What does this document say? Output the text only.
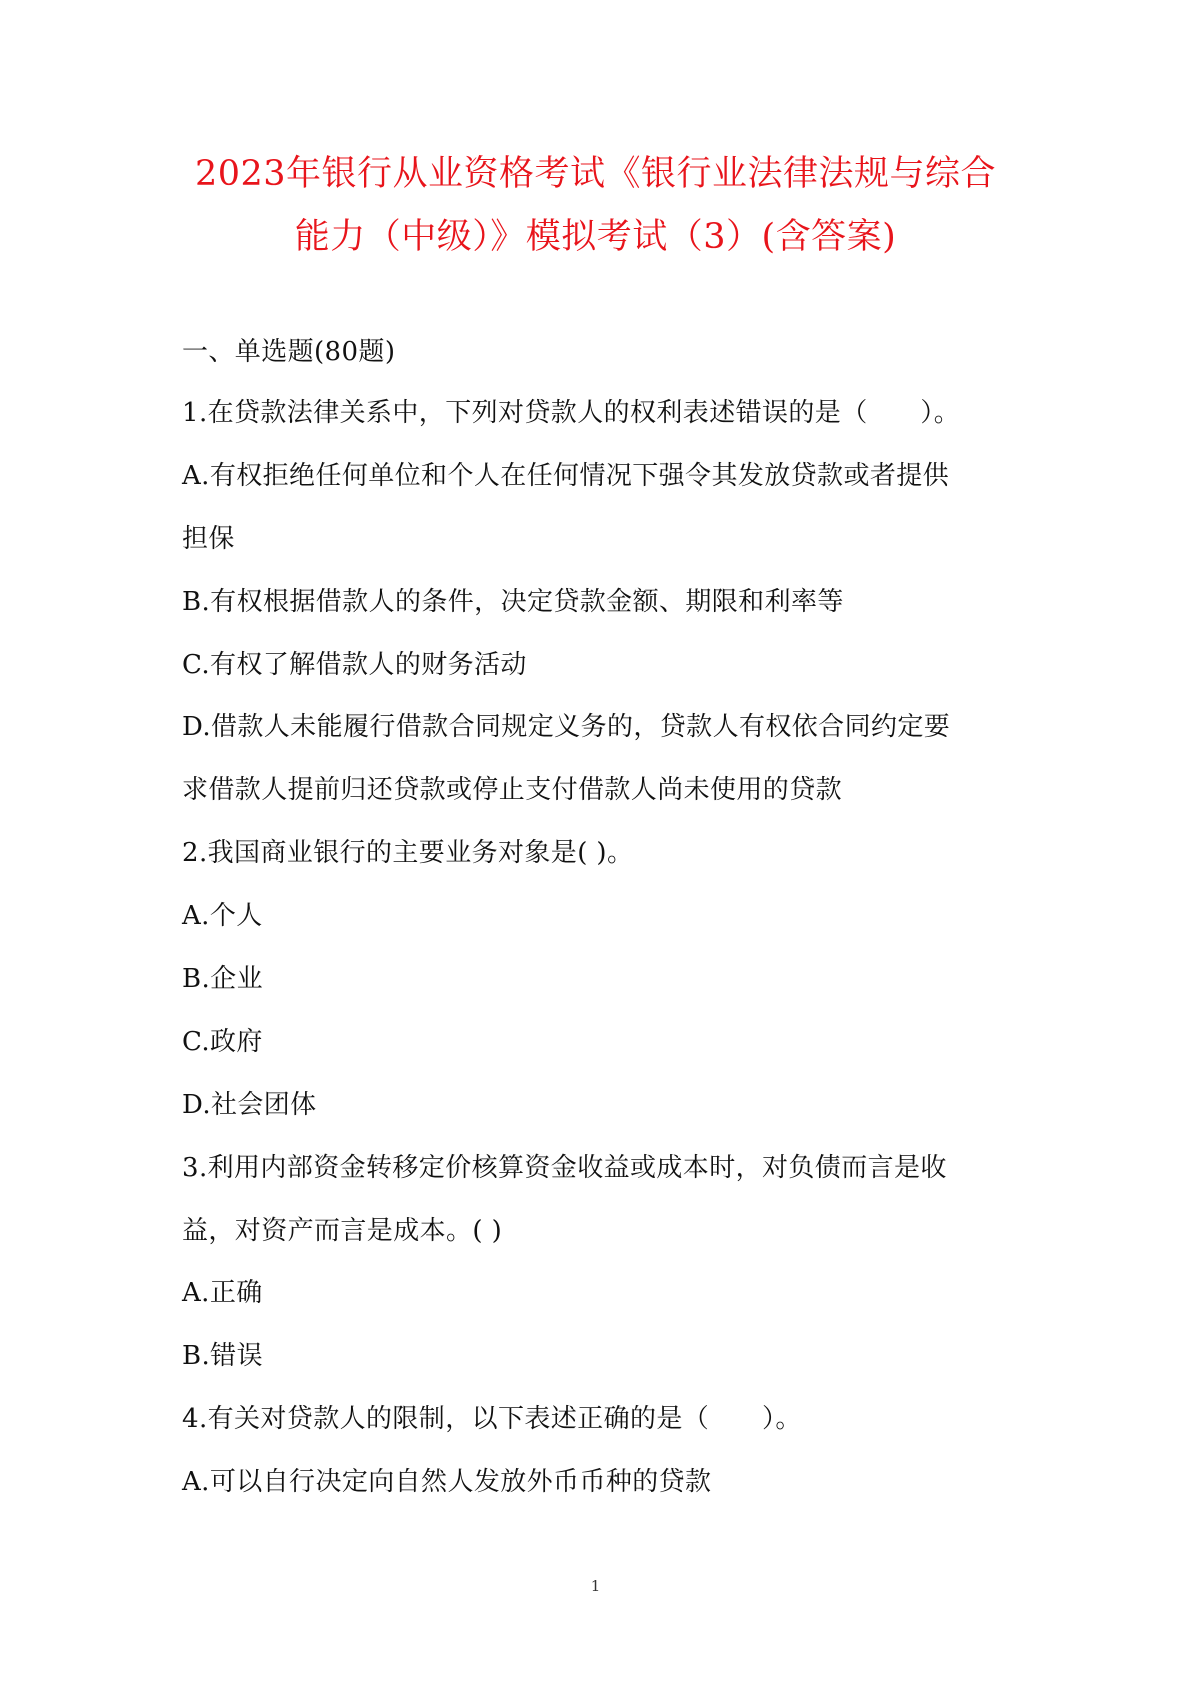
2023年银行从业资格考试《银行业法律法规与综合
能力（中级）》模拟考试（3）(含答案)
一、单选题(80题)
1.在贷款法律关系中，下列对贷款人的权利表述错误的是（　　）。
A.有权拒绝任何单位和个人在任何情况下强令其发放贷款或者提供
担保
B.有权根据借款人的条件，决定贷款金额、期限和利率等
C.有权了解借款人的财务活动
D.借款人未能履行借款合同规定义务的，贷款人有权依合同约定要
求借款人提前归还贷款或停止支付借款人尚未使用的贷款
2.我国商业银行的主要业务对象是( )。
A.个人
B.企业
C.政府
D.社会团体
3.利用内部资金转移定价核算资金收益或成本时，对负债而言是收
益，对资产而言是成本。( )
A.正确
B.错误
4.有关对贷款人的限制，以下表述正确的是（　　）。
A.可以自行决定向自然人发放外币币种的贷款
1
